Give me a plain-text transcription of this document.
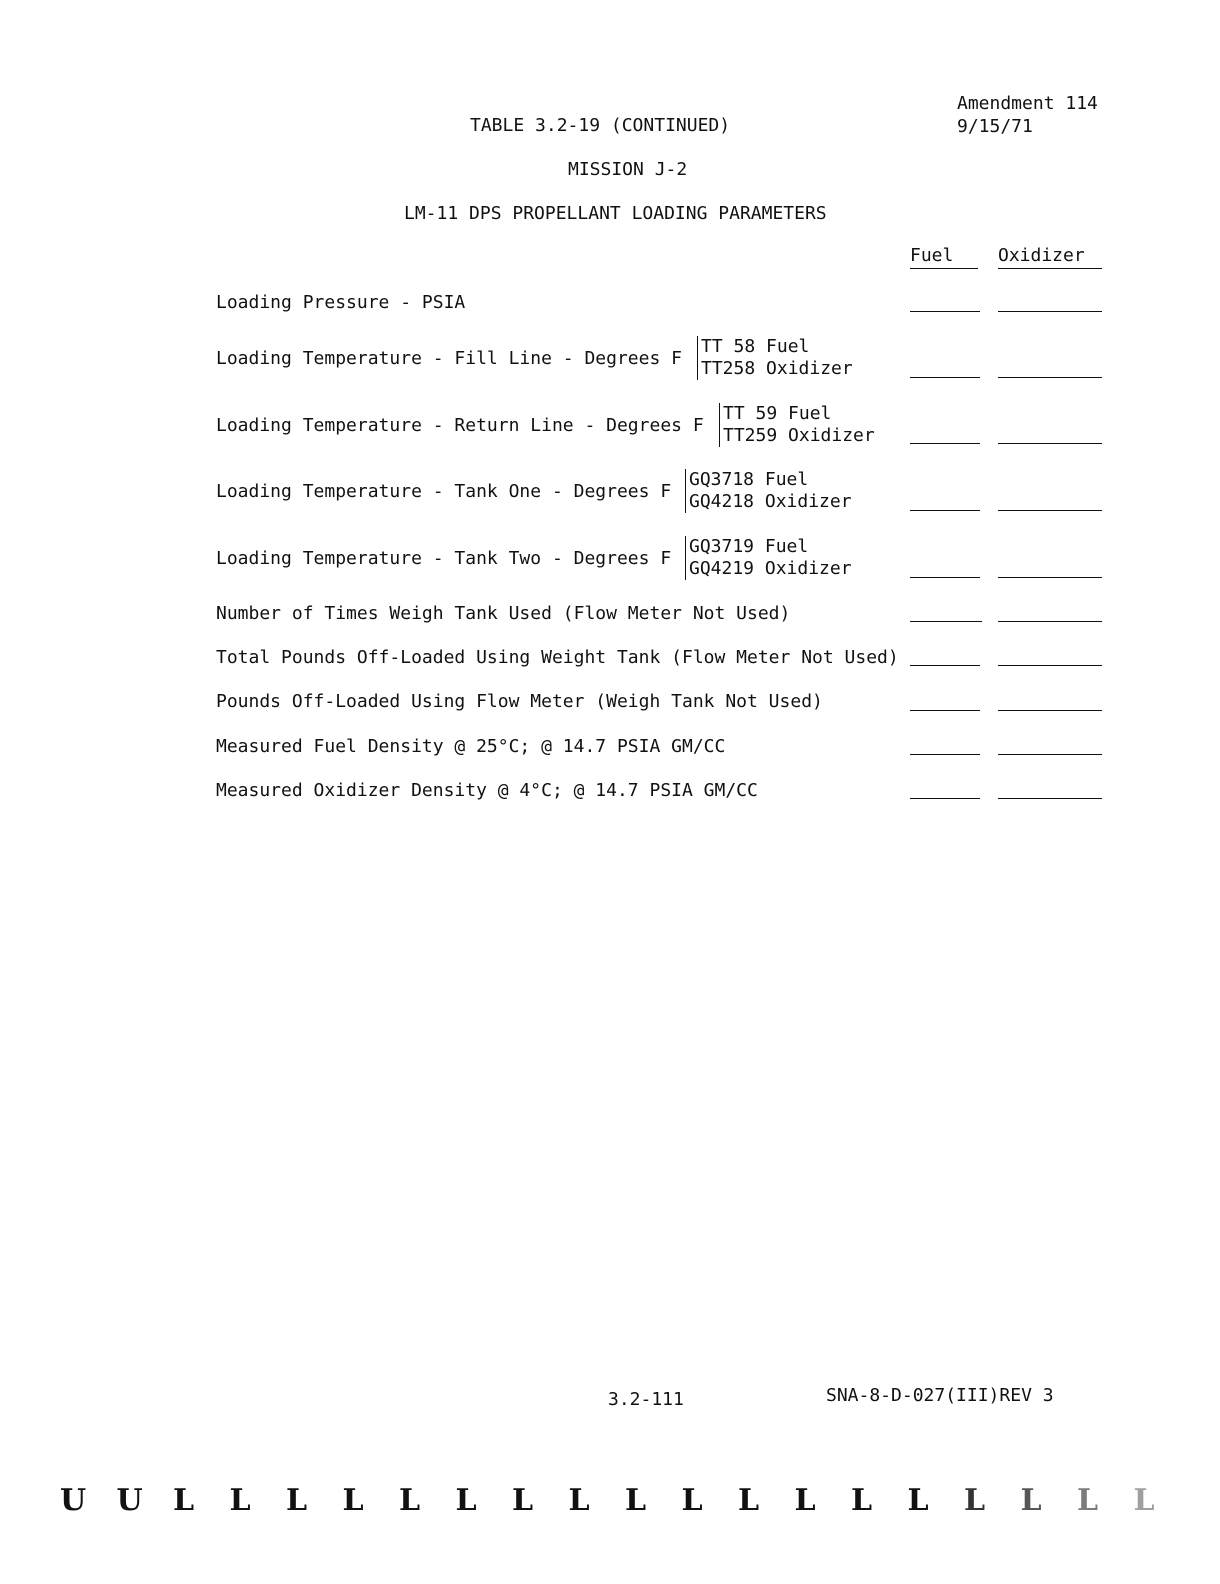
Amendment 114
9/15/71
TABLE 3.2-19 (CONTINUED)
MISSION J-2
LM-11 DPS PROPELLANT LOADING PARAMETERS
Fuel	Oxidizer
Loading Pressure - PSIA
Loading Temperature - Fill Line - Degrees F
TT 58 Fuel
TT258 Oxidizer
Loading Temperature - Return Line - Degrees F
TT 59 Fuel
TT259 Oxidizer
Loading Temperature - Tank One - Degrees F
GQ3718 Fuel
GQ4218 Oxidizer
Loading Temperature - Tank Two - Degrees F
GQ3719 Fuel
GQ4219 Oxidizer
Number of Times Weigh Tank Used (Flow Meter Not Used)
Total Pounds Off-Loaded Using Weight Tank (Flow Meter Not Used)
Pounds Off-Loaded Using Flow Meter (Weigh Tank Not Used)
Measured Fuel Density @ 25°C; @ 14.7 PSIA GM/CC
Measured Oxidizer Density @ 4°C; @ 14.7 PSIA GM/CC
3.2-111	SNA-8-D-027(III)REV 3
U U L L L L L L L L L L L L L L L L L L
